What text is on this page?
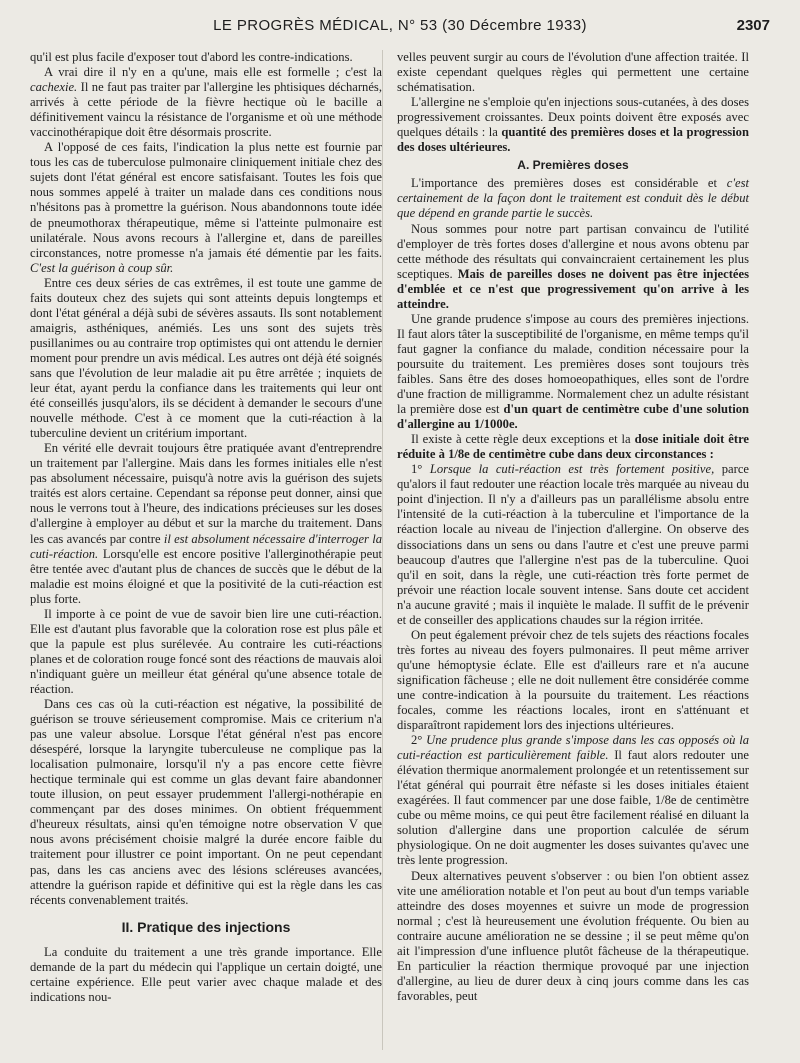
LE PROGRÈS MÉDICAL, N° 53 (30 Décembre 1933)	2307

qu'il est plus facile d'exposer tout d'abord les contre-indications.

A vrai dire il n'y en a qu'une, mais elle est formelle ; c'est la cachexie. Il ne faut pas traiter par l'allergine les phtisiques décharnés, arrivés à cette période de la fièvre hectique où le bacille a définitivement vaincu la résistance de l'organisme et où une méthode vaccinothérapique doit être désormais proscrite.

A l'opposé de ces faits, l'indication la plus nette est fournie par tous les cas de tuberculose pulmonaire cliniquement initiale chez des sujets dont l'état général est encore satisfaisant. Toutes les fois que nous sommes appelé à traiter un malade dans ces conditions nous n'hésitons pas à promettre la guérison. Nous abandonnons toute idée de pneumothorax thérapeutique, même si l'atteinte pulmonaire est unilatérale. Nous avons recours à l'allergine et, dans de pareilles circonstances, notre promesse n'a jamais été démentie par les faits. C'est la guérison à coup sûr.

Entre ces deux séries de cas extrêmes, il est toute une gamme de faits douteux chez des sujets qui sont atteints depuis longtemps et dont l'état général a déjà subi de sévères assauts. Ils sont notablement amaigris, asthéniques, anémiés. Les uns sont des sujets très pusillanimes ou au contraire trop optimistes qui ont attendu le dernier moment pour prendre un avis médical. Les autres ont déjà été soignés sans que l'évolution de leur maladie ait pu être arrêtée ; inquiets de leur état, ayant perdu la confiance dans les traitements qui leur ont été conseillés jusqu'alors, ils se décident à demander le secours d'une nouvelle méthode. C'est à ce moment que la cuti-réaction à la tuberculine devient un critérium important.

En vérité elle devrait toujours être pratiquée avant d'entreprendre un traitement par l'allergine. Mais dans les formes initiales elle n'est pas absolument nécessaire, puisqu'à notre avis la guérison des sujets traités est alors certaine. Cependant sa réponse peut donner, ainsi que nous le verrons tout à l'heure, des indications précieuses sur les doses d'allergine à employer au début et sur la marche du traitement. Dans les cas avancés par contre il est absolument nécessaire d'interroger la cuti-réaction. Lorsqu'elle est encore positive l'allerginothérapie peut être tentée avec d'autant plus de chances de succès que le début de la maladie est moins éloigné et que la positivité de la cuti-réaction est plus forte.

Il importe à ce point de vue de savoir bien lire une cuti-réaction. Elle est d'autant plus favorable que la coloration rose est plus pâle et que la papule est plus surélevée. Au contraire les cuti-réactions planes et de coloration rouge foncé sont des réactions de mauvais aloi n'indiquant guère un meilleur état général qu'une absence totale de réaction.

Dans ces cas où la cuti-réaction est négative, la possibilité de guérison se trouve sérieusement compromise. Mais ce criterium n'a pas une valeur absolue. Lorsque l'état général n'est pas encore désespéré, lorsque la laryngite tuberculeuse ne complique pas la localisation pulmonaire, lorsqu'il n'y a pas encore cette fièvre hectique terminale qui est comme un glas devant faire abandonner toute illusion, on peut essayer prudemment l'allergi-nothérapie en commençant par des doses minimes. On obtient fréquemment d'heureux résultats, ainsi qu'en témoigne notre observation V que nous avons précisément choisie malgré la durée encore faible du traitement pour illustrer ce point important. On ne peut cependant pas, dans les cas anciens avec des lésions scléreuses avancées, attendre la guérison rapide et définitive qui est la règle dans les cas récents convenablement traités.

II. Pratique des injections

La conduite du traitement a une très grande importance. Elle demande de la part du médecin qui l'applique un certain doigté, une certaine expérience. Elle peut varier avec chaque malade et des indications nou-

velles peuvent surgir au cours de l'évolution d'une affection traitée. Il existe cependant quelques règles qui permettent une certaine schématisation.

L'allergine ne s'emploie qu'en injections sous-cutanées, à des doses progressivement croissantes. Deux points doivent être exposés avec quelques détails : la quantité des premières doses et la progression des doses ultérieures.

A. Premières doses

L'importance des premières doses est considérable et c'est certainement de la façon dont le traitement est conduit dès le début que dépend en grande partie le succès.

Nous sommes pour notre part partisan convaincu de l'utilité d'employer de très fortes doses d'allergine et nous avons obtenu par cette méthode des résultats qui convaincraient certainement les plus sceptiques. Mais de pareilles doses ne doivent pas être injectées d'emblée et ce n'est que progressivement qu'on arrive à les atteindre.

Une grande prudence s'impose au cours des premières injections. Il faut alors tâter la susceptibilité de l'organisme, en même temps qu'il faut gagner la confiance du malade, condition nécessaire pour la poursuite du traitement. Les premières doses sont toujours très faibles. Sans être des doses homoeopathiques, elles sont de l'ordre d'une fraction de milligramme. Normalement chez un adulte résistant la première dose est d'un quart de centimètre cube d'une solution d'allergine au 1/1000e.

Il existe à cette règle deux exceptions et la dose initiale doit être réduite à 1/8e de centimètre cube dans deux circonstances :

1° Lorsque la cuti-réaction est très fortement positive, parce qu'alors il faut redouter une réaction locale très marquée au niveau du point d'injection. Il n'y a d'ailleurs pas un parallélisme absolu entre l'intensité de la cuti-réaction à la tuberculine et l'importance de la réaction locale au niveau de l'injection d'allergine. On observe des dissociations dans un sens ou dans l'autre et c'est une preuve parmi beaucoup d'autres que l'allergine n'est pas de la tuberculine. Quoi qu'il en soit, dans la règle, une cuti-réaction très forte permet de prévoir une réaction locale souvent intense. Sans doute cet accident n'a aucune gravité ; mais il inquiète le malade. Il suffit de le prévenir et de conseiller des applications chaudes sur la région irritée.

On peut également prévoir chez de tels sujets des réactions focales très fortes au niveau des foyers pulmonaires. Il peut même arriver qu'une hémoptysie éclate. Elle est d'ailleurs rare et n'a aucune signification fâcheuse ; elle ne doit nullement être considérée comme une contre-indication à la poursuite du traitement. Les réactions focales, comme les réactions locales, iront en s'atténuant et disparaîtront rapidement lors des injections ultérieures.

2° Une prudence plus grande s'impose dans les cas opposés où la cuti-réaction est particulièrement faible. Il faut alors redouter une élévation thermique anormalement prolongée et un retentissement sur l'état général qui pourrait être néfaste si les doses initiales étaient exagérées. Il faut commencer par une dose faible, 1/8e de centimètre cube ou même moins, ce qui peut être facilement réalisé en diluant la solution d'allergine dans une proportion calculée de sérum physiologique. On ne doit augmenter les doses suivantes qu'avec une très lente progression.

Deux alternatives peuvent s'observer : ou bien l'on obtient assez vite une amélioration notable et l'on peut au bout d'un temps variable atteindre des doses moyennes et suivre un mode de progression normal ; c'est là heureusement une évolution fréquente. Ou bien au contraire aucune amélioration ne se dessine ; il se peut même qu'on ait l'impression d'une influence plutôt fâcheuse de la thérapeutique. En particulier la réaction thermique provoqué par une injection d'allergine, au lieu de durer deux à cinq jours comme dans les cas favorables, peut
